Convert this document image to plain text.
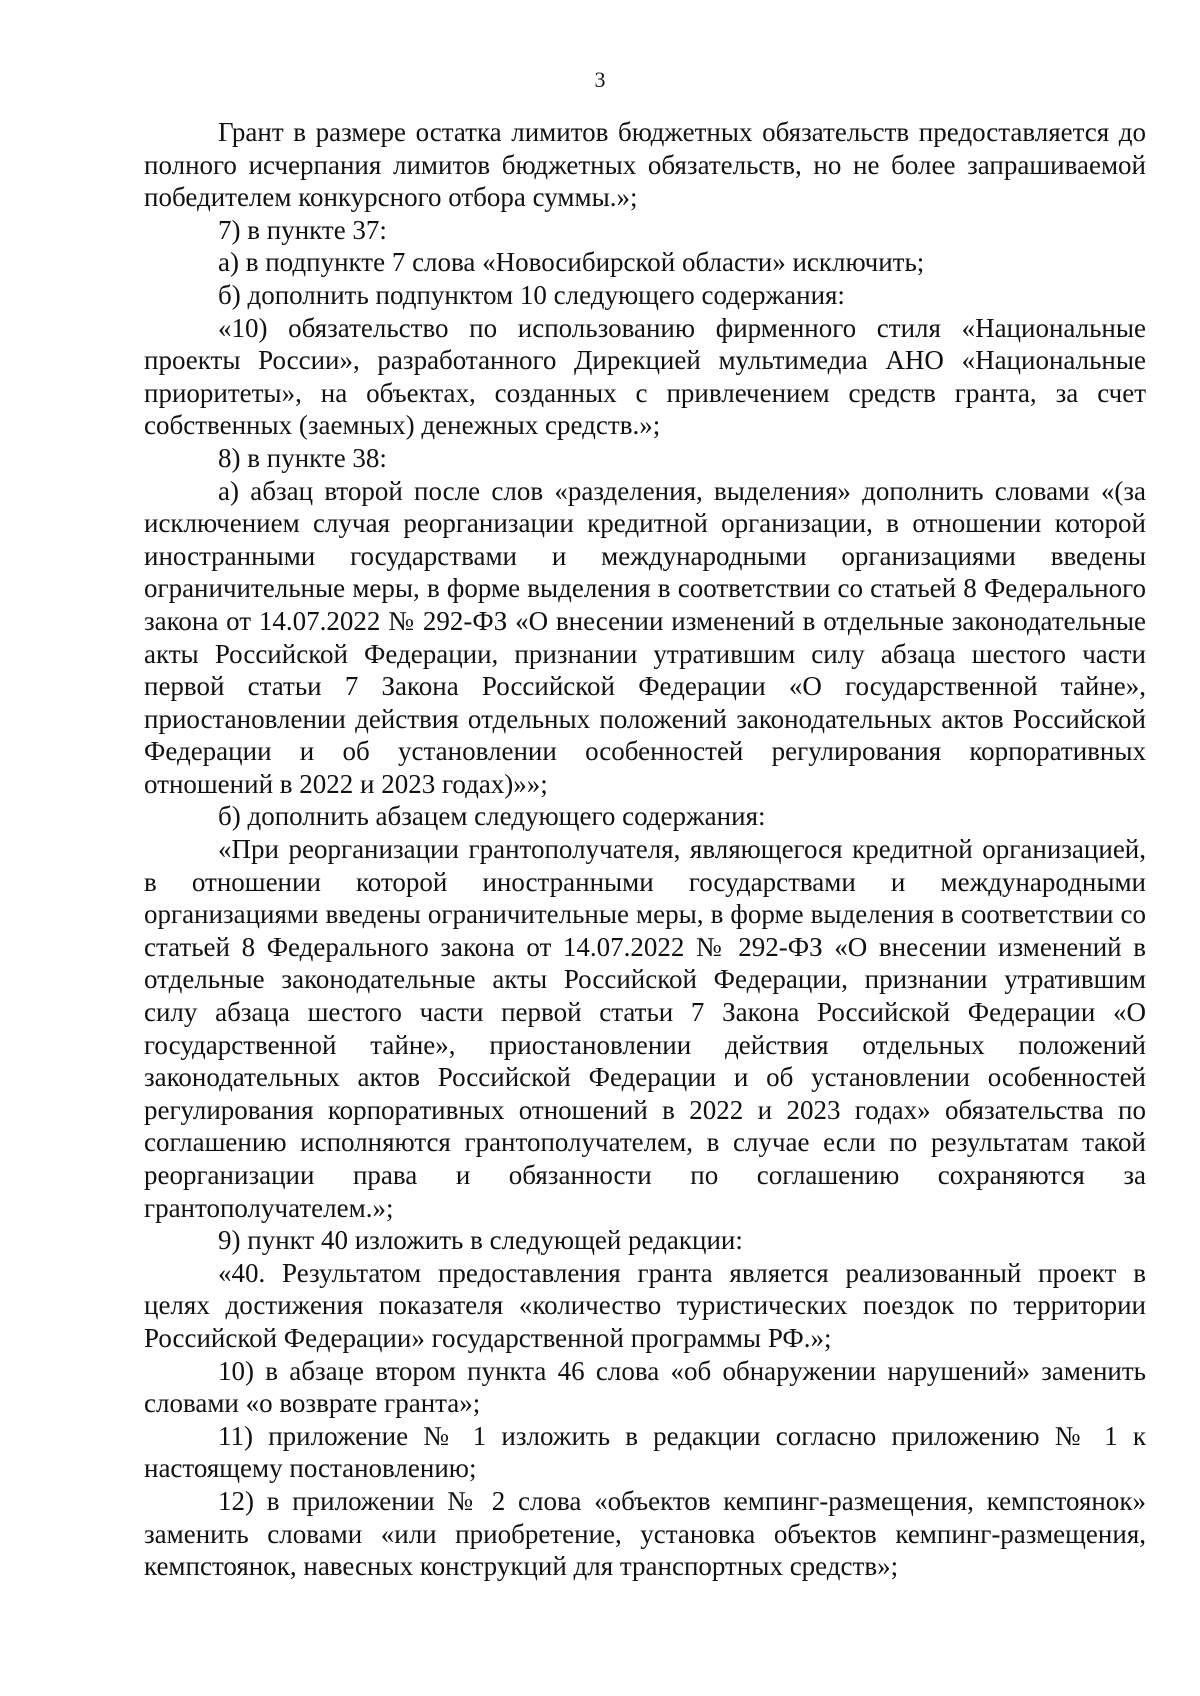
3

Грант в размере остатка лимитов бюджетных обязательств предоставляется до полного исчерпания лимитов бюджетных обязательств, но не более запрашиваемой победителем конкурсного отбора суммы.»;

7) в пункте 37:

а) в подпункте 7 слова «Новосибирской области» исключить;

б) дополнить подпунктом 10 следующего содержания:

«10) обязательство по использованию фирменного стиля «Национальные проекты России», разработанного Дирекцией мультимедиа АНО «Национальные приоритеты», на объектах, созданных с привлечением средств гранта, за счет собственных (заемных) денежных средств.»;

8) в пункте 38:

а) абзац второй после слов «разделения, выделения» дополнить словами «(за исключением случая реорганизации кредитной организации, в отношении которой иностранными государствами и международными организациями введены ограничительные меры, в форме выделения в соответствии со статьей 8 Федерального закона от 14.07.2022 № 292-ФЗ «О внесении изменений в отдельные законодательные акты Российской Федерации, признании утратившим силу абзаца шестого части первой статьи 7 Закона Российской Федерации «О государственной тайне», приостановлении действия отдельных положений законодательных актов Российской Федерации и об установлении особенностей регулирования корпоративных отношений в 2022 и 2023 годах)»»;

б) дополнить абзацем следующего содержания:

«При реорганизации грантополучателя, являющегося кредитной организацией, в отношении которой иностранными государствами и международными организациями введены ограничительные меры, в форме выделения в соответствии со статьей 8 Федерального закона от 14.07.2022 № 292-ФЗ «О внесении изменений в отдельные законодательные акты Российской Федерации, признании утратившим силу абзаца шестого части первой статьи 7 Закона Российской Федерации «О государственной тайне», приостановлении действия отдельных положений законодательных актов Российской Федерации и об установлении особенностей регулирования корпоративных отношений в 2022 и 2023 годах» обязательства по соглашению исполняются грантополучателем, в случае если по результатам такой реорганизации права и обязанности по соглашению сохраняются за грантополучателем.»;

9) пункт 40 изложить в следующей редакции:

«40. Результатом предоставления гранта является реализованный проект в целях достижения показателя «количество туристических поездок по территории Российской Федерации» государственной программы РФ.»;

10) в абзаце втором пункта 46 слова «об обнаружении нарушений» заменить словами «о возврате гранта»;

11) приложение № 1 изложить в редакции согласно приложению № 1 к настоящему постановлению;

12) в приложении № 2 слова «объектов кемпинг-размещения, кемпстоянок» заменить словами «или приобретение, установка объектов кемпинг-размещения, кемпстоянок, навесных конструкций для транспортных средств»;
